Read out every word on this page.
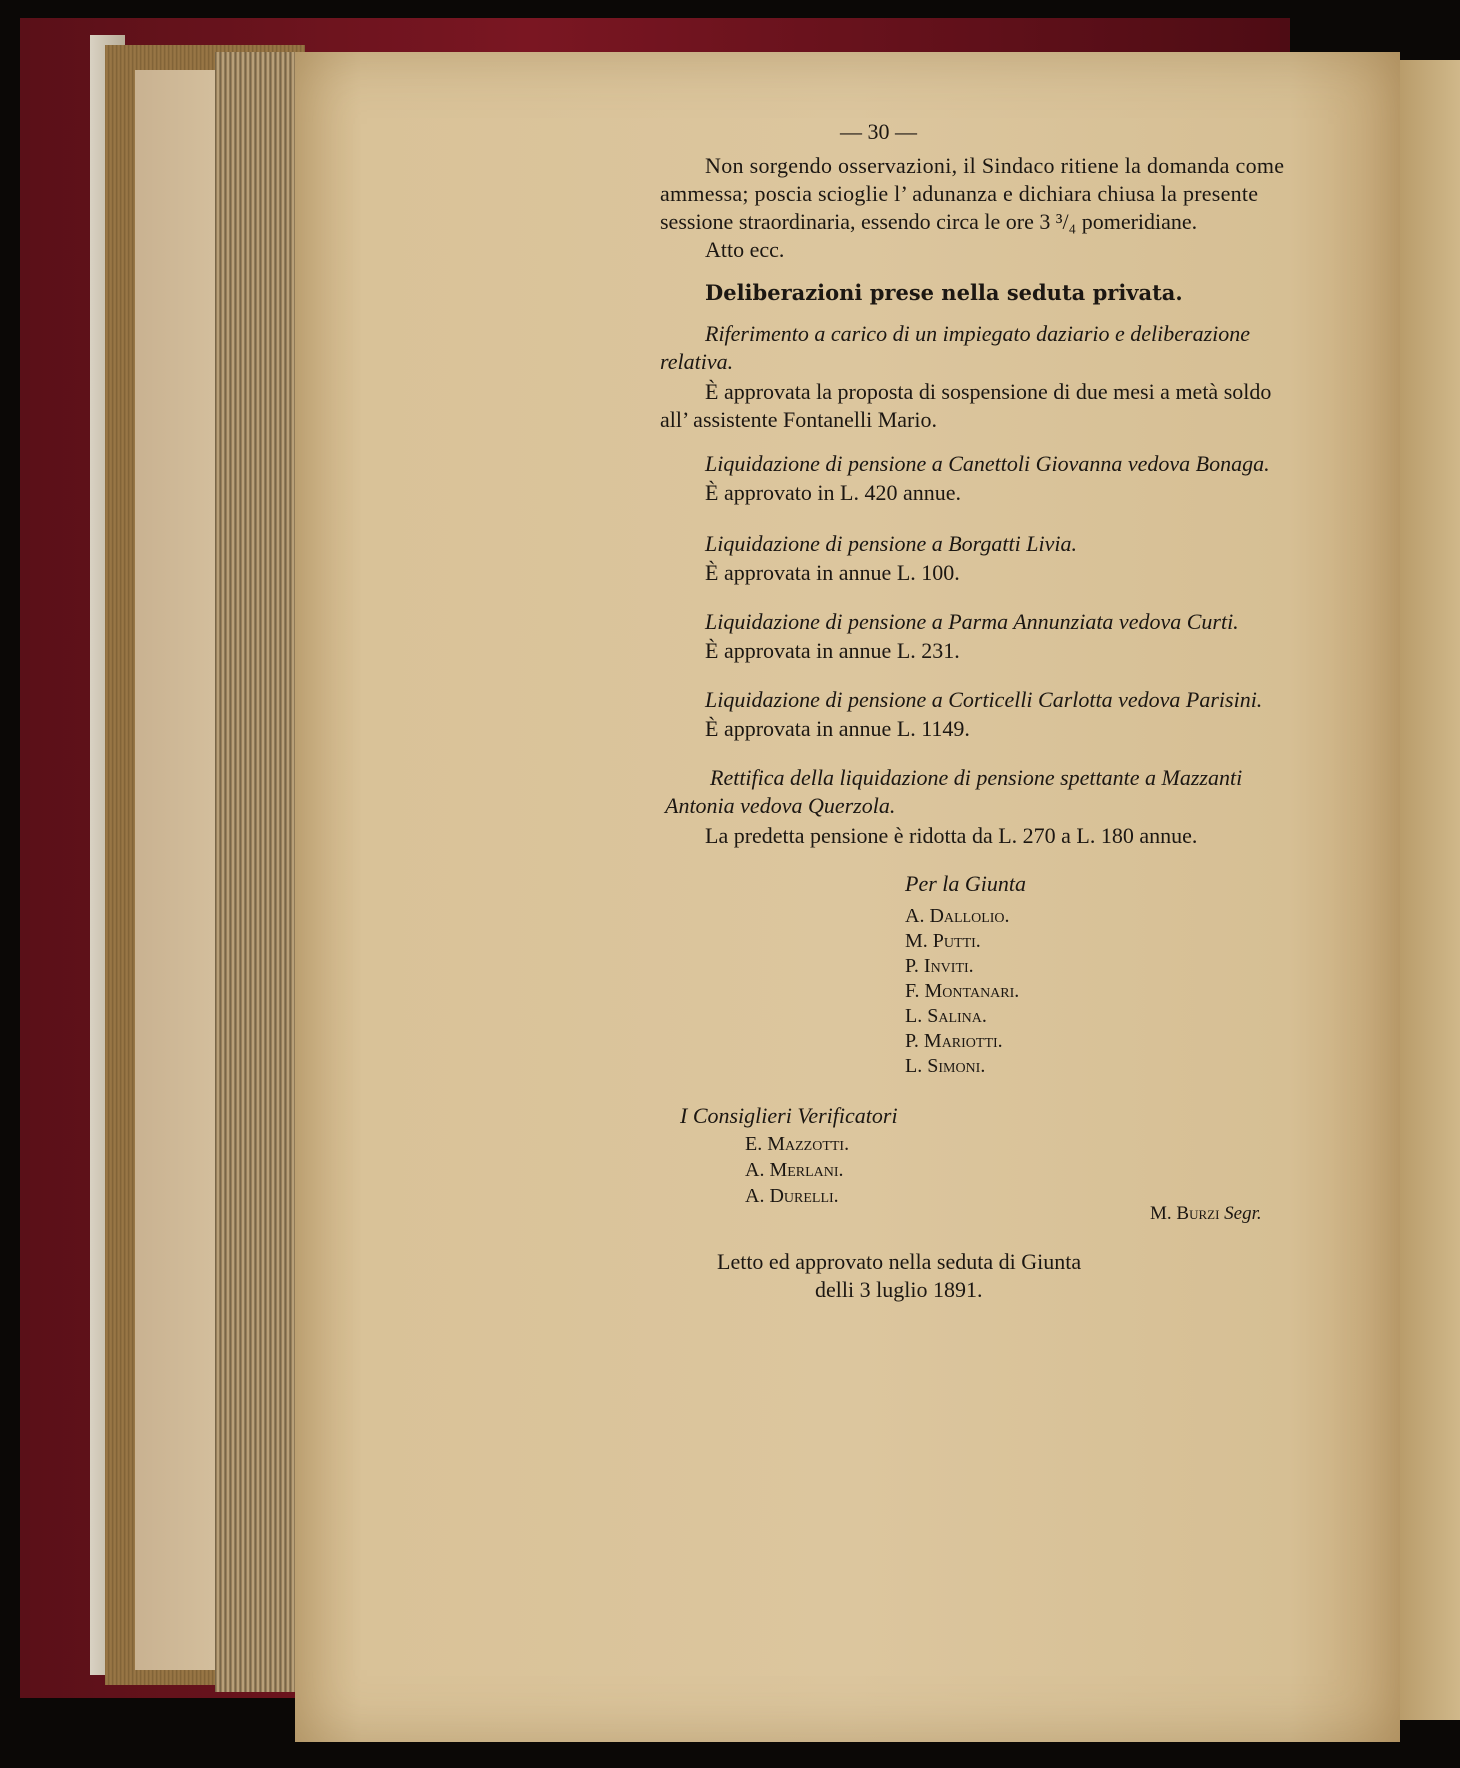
— 30 —
Non sorgendo osservazioni, il Sindaco ritiene la domanda come
ammessa; poscia scioglie l’ adunanza e dichiara chiusa la presente
sessione straordinaria, essendo circa le ore 3 ³/₄ pomeridiane.
Atto ecc.
Deliberazioni prese nella seduta privata.
Riferimento a carico di un impiegato daziario e deliberazione
relativa.
È approvata la proposta di sospensione di due mesi a metà soldo
all’ assistente Fontanelli Mario.
Liquidazione di pensione a Canettoli Giovanna vedova Bonaga.
È approvato in L. 420 annue.
Liquidazione di pensione a Borgatti Livia.
È approvata in annue L. 100.
Liquidazione di pensione a Parma Annunziata vedova Curti.
È approvata in annue L. 231.
Liquidazione di pensione a Corticelli Carlotta vedova Parisini.
È approvata in annue L. 1149.
Rettifica della liquidazione di pensione spettante a Mazzanti
Antonia vedova Querzola.
La predetta pensione è ridotta da L. 270 a L. 180 annue.
Per la Giunta
A. Dallolio.
M. Putti.
P. Inviti.
F. Montanari.
L. Salina.
P. Mariotti.
L. Simoni.
I Consiglieri Verificatori
E. Mazzotti.
A. Merlani.
A. Durelli.
M. Burzi Segr.
Letto ed approvato nella seduta di Giunta
delli 3 luglio 1891.
